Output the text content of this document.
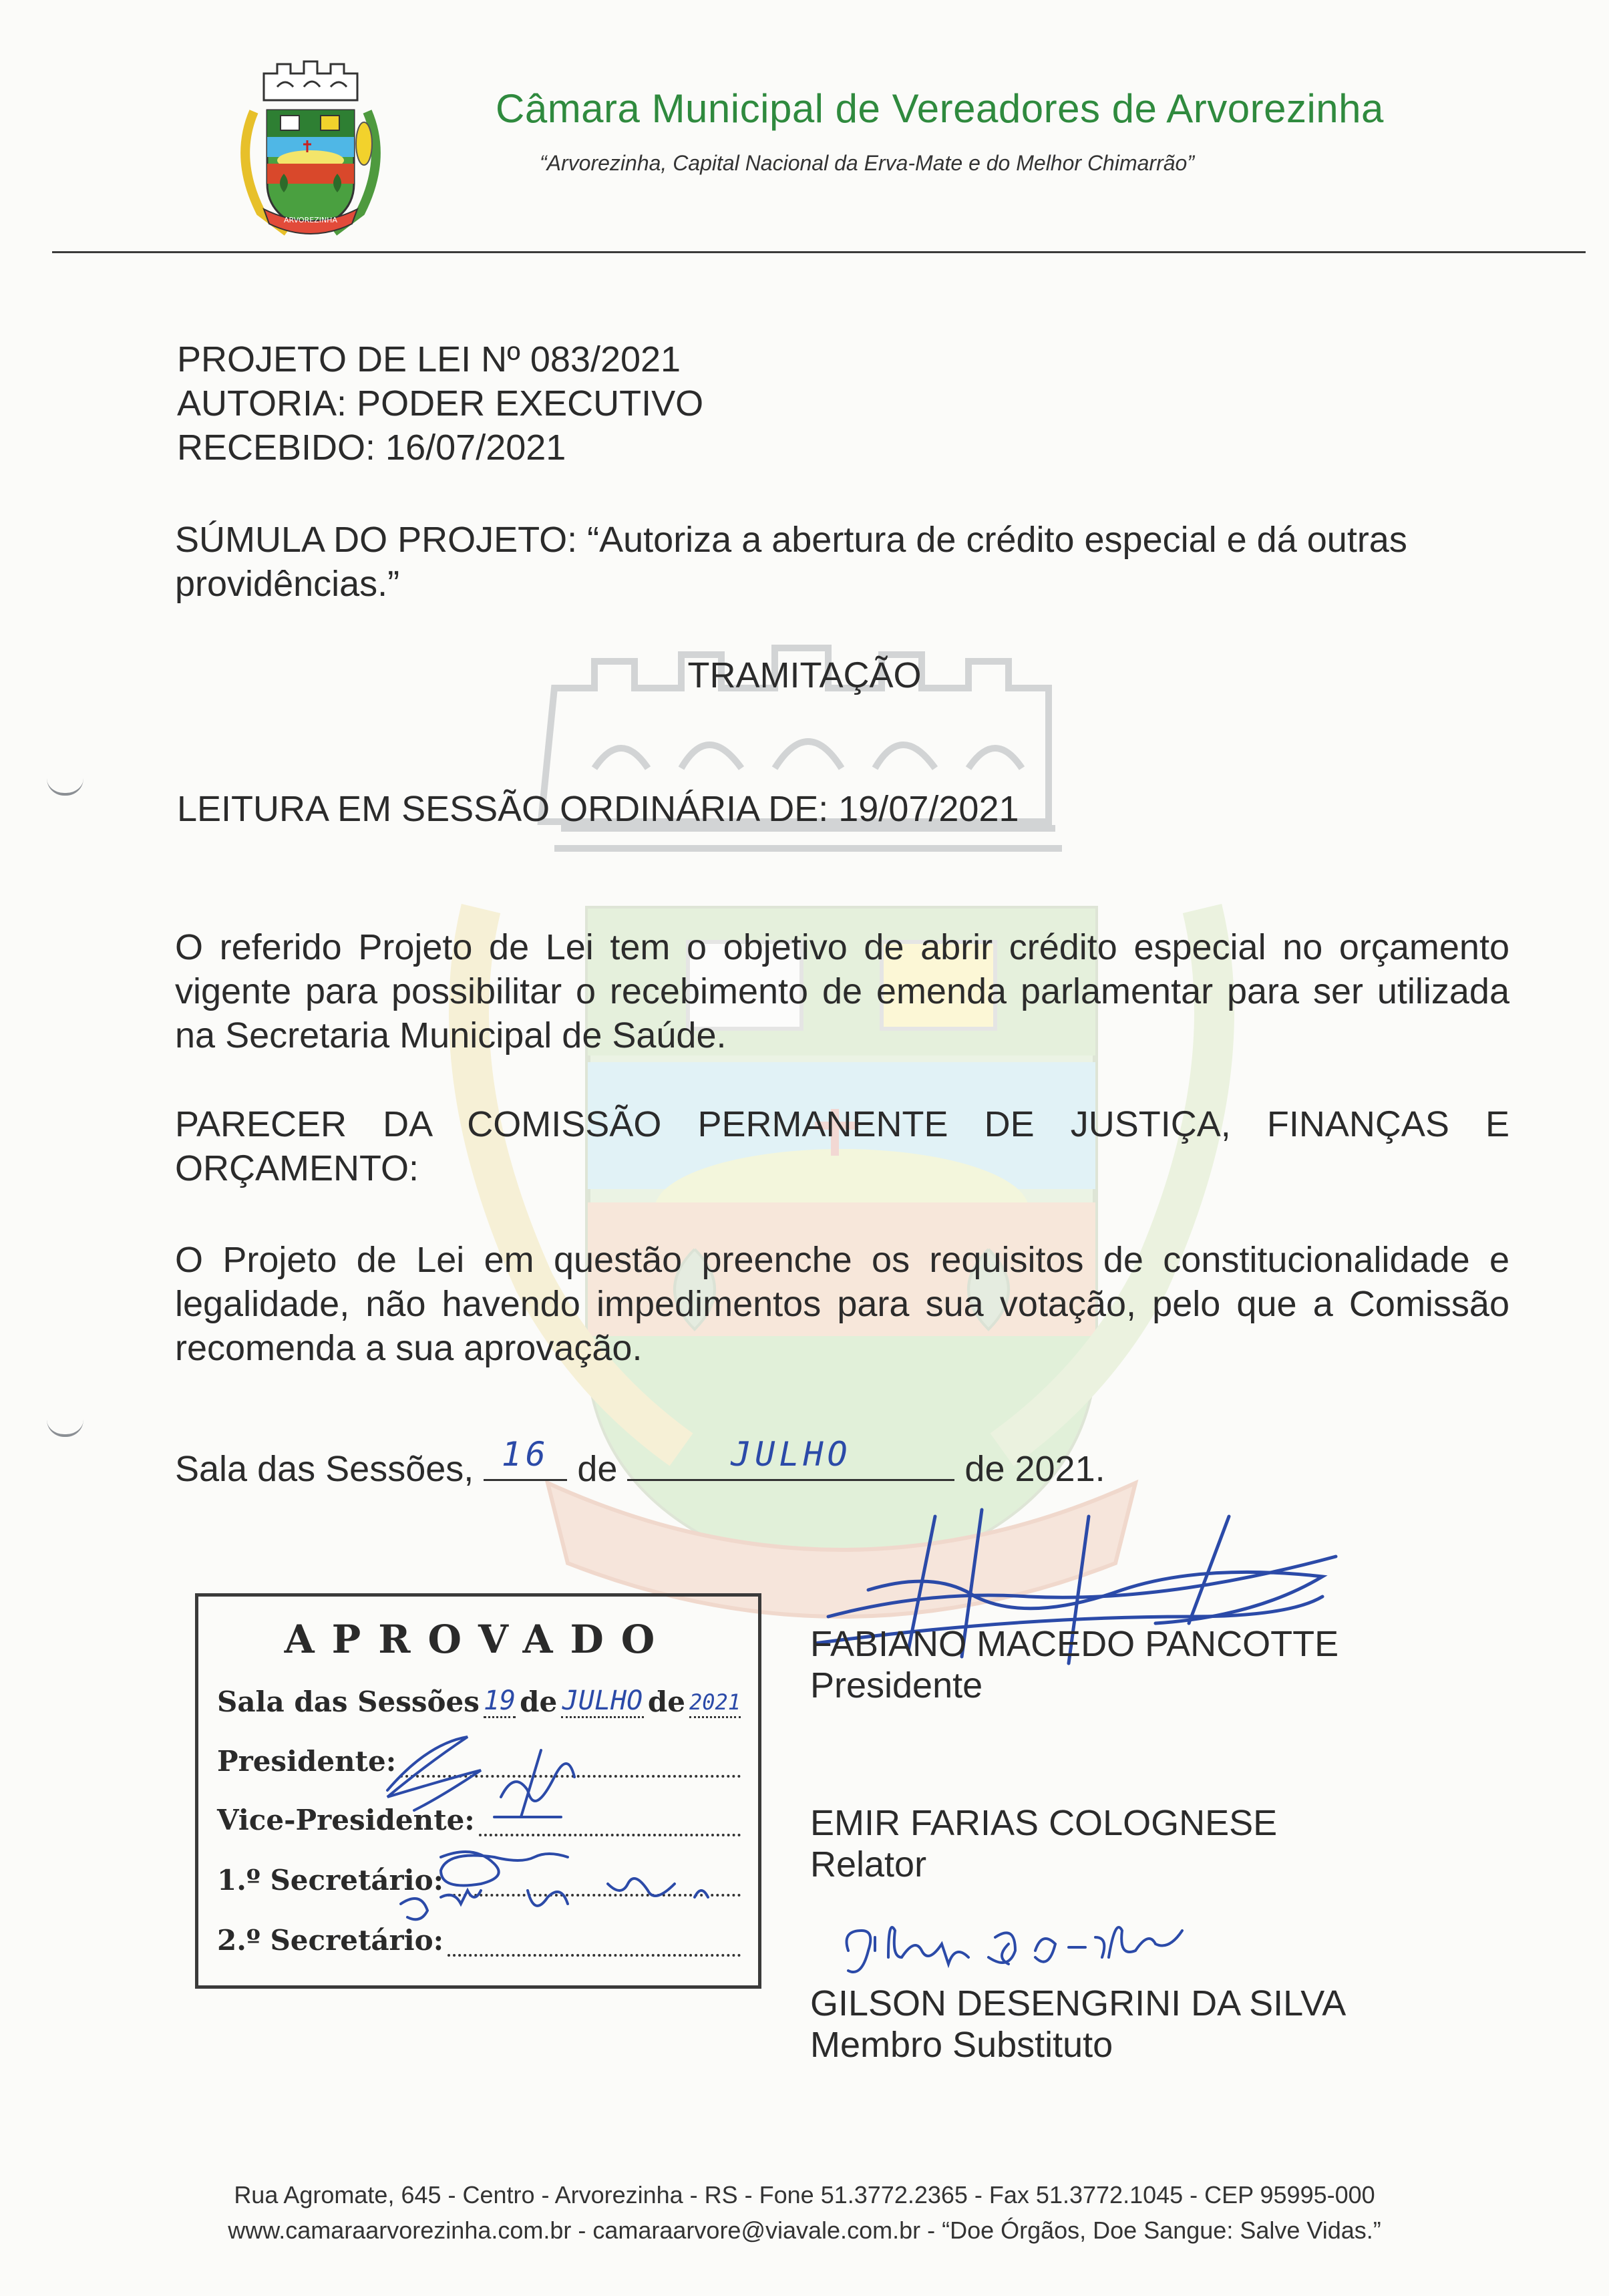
ARVOREZINHA
Câmara Municipal de Vereadores de Arvorezinha
“Arvorezinha, Capital Nacional da Erva-Mate e do Melhor Chimarrão”
PROJETO DE LEI Nº 083/2021
AUTORIA: PODER EXECUTIVO
RECEBIDO: 16/07/2021
SÚMULA DO PROJETO: “Autoriza a abertura de crédito especial e dá outras providências.”
TRAMITAÇÃO
LEITURA EM SESSÃO ORDINÁRIA DE: 19/07/2021
O referido Projeto de Lei tem o objetivo de abrir crédito especial no orçamento vigente para possibilitar o recebimento de emenda parlamentar para ser utilizada na Secretaria Municipal de Saúde.
PARECER DA COMISSÃO PERMANENTE DE JUSTIÇA, FINANÇAS E ORÇAMENTO:
O Projeto de Lei em questão preenche os requisitos de constitucionalidade e legalidade, não havendo impedimentos para sua votação, pelo que a Comissão recomenda a sua aprovação.
Sala das Sessões, 16 de	JULHO	de 2021.
FABIANO MACEDO PANCOTTE
Presidente
EMIR FARIAS COLOGNESE
Relator
GILSON DESENGRINI DA SILVA
Membro Substituto
APROVADO
Sala das Sessões 19 de JULHO de 2021
Presidente:
Vice-Presidente:
1.º Secretário:
2.º Secretário:
Rua Agromate, 645 - Centro - Arvorezinha - RS - Fone 51.3772.2365 - Fax 51.3772.1045 - CEP 95995-000
www.camaraarvorezinha.com.br - camaraarvore@viavale.com.br - “Doe Órgãos, Doe Sangue: Salve Vidas.”
